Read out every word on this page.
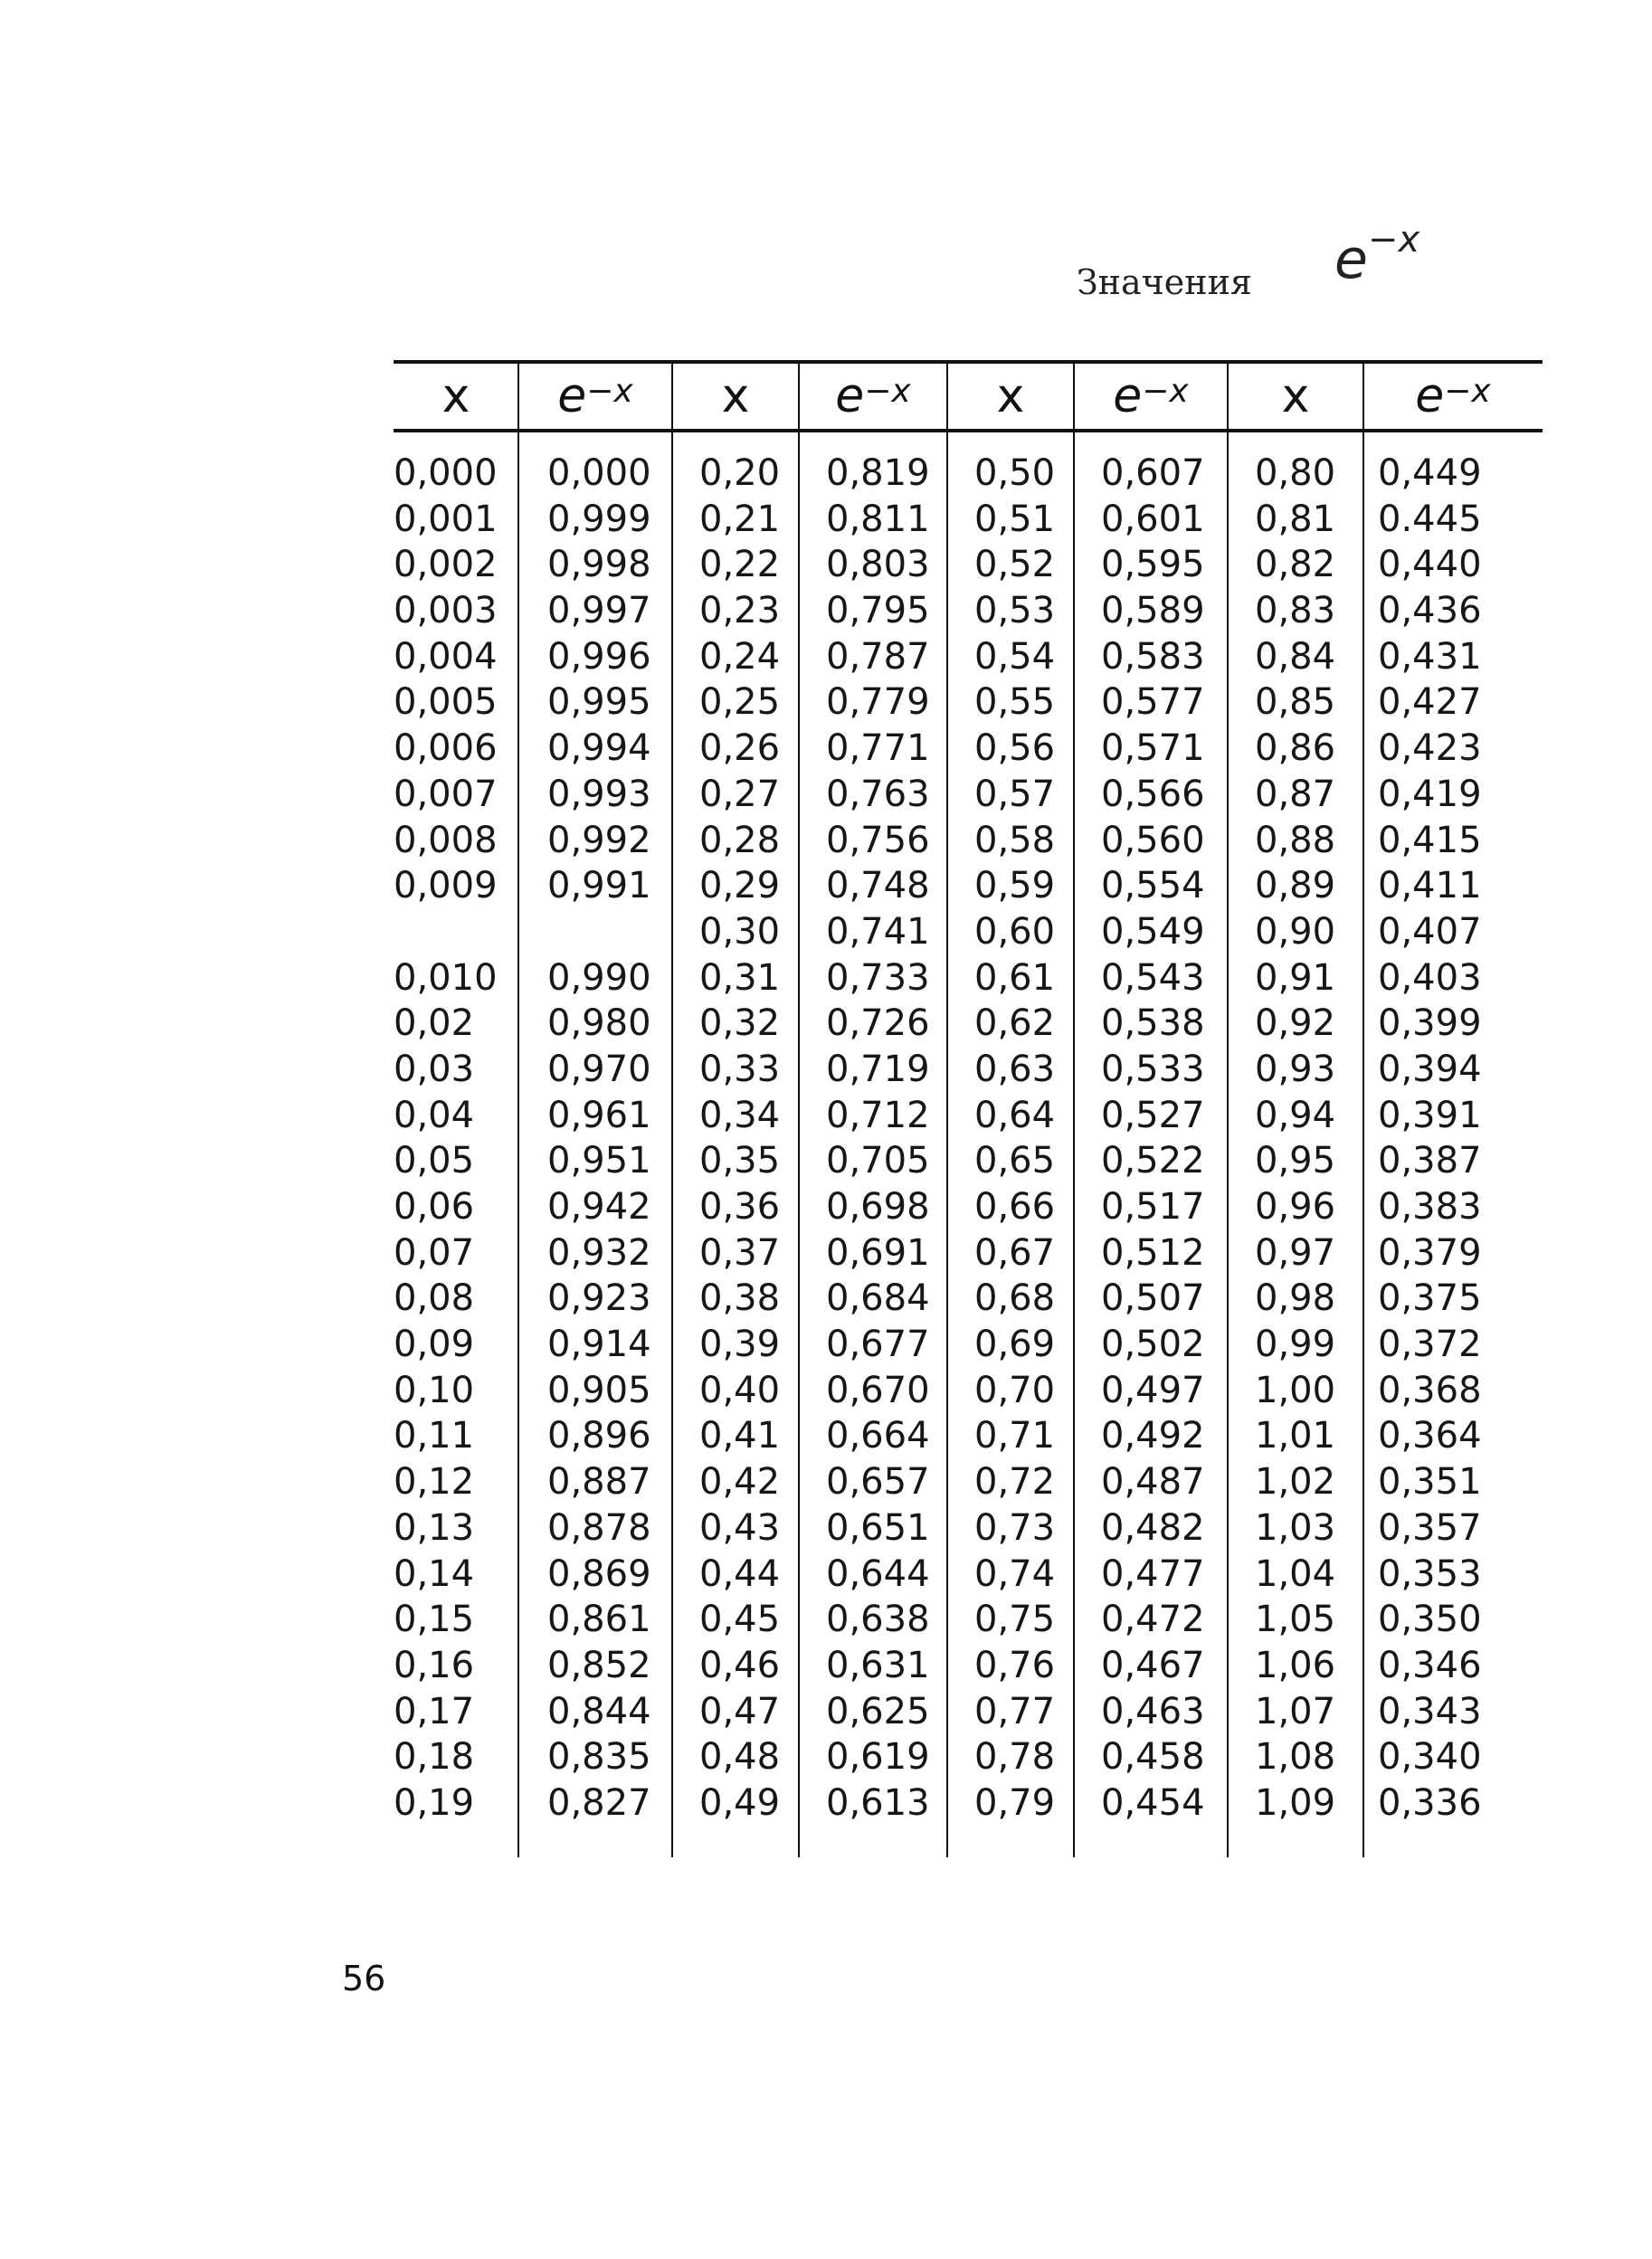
Значения $e^{-x}$
x $e^{-x}$ x $e^{-x}$ x $e^{-x}$ x $e^{-x}$
0,000
0,001
0,002
0,003
0,004
0,005
0,006
0,007
0,008
0,009
0,010
0,02
0,03
0,04
0,05
0,06
0,07
0,08
0,09
0,10
0,11
0,12
0,13
0,14
0,15
0,16
0,17
0,18
0,19
0,000
0,999
0,998
0,997
0,996
0,995
0,994
0,993
0,992
0,991
0,990
0,980
0,970
0,961
0,951
0,942
0,932
0,923
0,914
0,905
0,896
0,887
0,878
0,869
0,861
0,852
0,844
0,835
0,827
0,20
0,21
0,22
0,23
0,24
0,25
0,26
0,27
0,28
0,29
0,30
0,31
0,32
0,33
0,34
0,35
0,36
0,37
0,38
0,39
0,40
0,41
0,42
0,43
0,44
0,45
0,46
0,47
0,48
0,49
0,819
0,811
0,803
0,795
0,787
0,779
0,771
0,763
0,756
0,748
0,741
0,733
0,726
0,719
0,712
0,705
0,698
0,691
0,684
0,677
0,670
0,664
0,657
0,651
0,644
0,638
0,631
0,625
0,619
0,613
0,50
0,51
0,52
0,53
0,54
0,55
0,56
0,57
0,58
0,59
0,60
0,61
0,62
0,63
0,64
0,65
0,66
0,67
0,68
0,69
0,70
0,71
0,72
0,73
0,74
0,75
0,76
0,77
0,78
0,79
0,607
0,601
0,595
0,589
0,583
0,577
0,571
0,566
0,560
0,554
0,549
0,543
0,538
0,533
0,527
0,522
0,517
0,512
0,507
0,502
0,497
0,492
0,487
0,482
0,477
0,472
0,467
0,463
0,458
0,454
0,80
0,81
0,82
0,83
0,84
0,85
0,86
0,87
0,88
0,89
0,90
0,91
0,92
0,93
0,94
0,95
0,96
0,97
0,98
0,99
1,00
1,01
1,02
1,03
1,04
1,05
1,06
1,07
1,08
1,09
0,449
0.445
0,440
0,436
0,431
0,427
0,423
0,419
0,415
0,411
0,407
0,403
0,399
0,394
0,391
0,387
0,383
0,379
0,375
0,372
0,368
0,364
0,351
0,357
0,353
0,350
0,346
0,343
0,340
0,336
56
